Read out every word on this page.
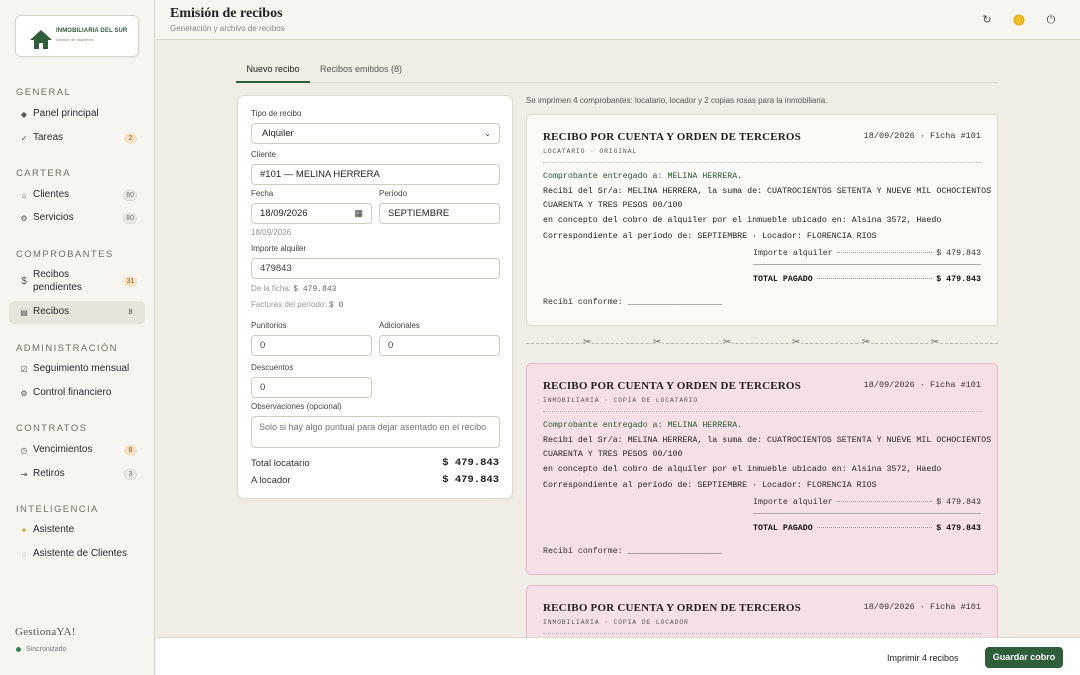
INMOBILIARIA DEL SUR
Gestión de alquileres
GENERAL
◆ Panel principal
✓ Tareas	2
CARTERA
⌂ Clientes	80
⚙ Servicios	80
COMPROBANTES
$
Recibos pendientes	31
▤ Recibos	8
ADMINISTRACIÓN
☑ Seguimiento mensual
⚙ Control financiero
CONTRATOS
◷ Vencimientos	8
⇥ Retiros	3
INTELIGENCIA
✦ Asistente
◌ Asistente de Clientes
GestionaYA!
Sincronizado
Emisión de recibos
Generación y archivo de recibos
↻	⏻
Nuevo recibo	Recibos emitidos (8)
Tipo de recibo
Alquiler	⌄
Cliente
#101 — MELINA HERRERA
Fecha
18/09/2026	▦
Período
SEPTIEMBRE
18/09/2026
Importe alquiler
479843
De la ficha: $ 479.843
Facturas del período: $ 0
Punitorios
0
Adicionales
0
Descuentos
0
Observaciones (opcional)
Solo si hay algo puntual para dejar asentado en el recibo
Total locatario	$ 479.843
A locador	$ 479.843
Se imprimen 4 comprobantes: locatario, locador y 2 copias rosas para la inmobiliaria.
RECIBO POR CUENTA Y ORDEN DE TERCEROS	18/09/2026 · Ficha #101
LOCATARIO · ORIGINAL
Comprobante entregado a: MELINA HERRERA.
Recibí del Sr/a: MELINA HERRERA, la suma de: CUATROCIENTOS SETENTA Y NUEVE MIL OCHOCIENTOS
CUARENTA Y TRES PESOS 00/100
en concepto del cobro de alquiler por el inmueble ubicado en: Alsina 3572, Haedo
Correspondiente al período de: SEPTIEMBRE · Locador: FLORENCIA RIOS
Importe alquiler	$ 479.843
TOTAL PAGADO	$ 479.843
Recibí conforme: ___________________
✂	✂	✂	✂	✂	✂
RECIBO POR CUENTA Y ORDEN DE TERCEROS	18/09/2026 · Ficha #101
INMOBILIARIA · COPIA DE LOCATARIO
Comprobante entregado a: MELINA HERRERA.
Recibí del Sr/a: MELINA HERRERA, la suma de: CUATROCIENTOS SETENTA Y NUEVE MIL OCHOCIENTOS
CUARENTA Y TRES PESOS 00/100
en concepto del cobro de alquiler por el inmueble ubicado en: Alsina 3572, Haedo
Correspondiente al período de: SEPTIEMBRE · Locador: FLORENCIA RIOS
Importe alquiler	$ 479.843
TOTAL PAGADO	$ 479.843
Recibí conforme: ___________________
RECIBO POR CUENTA Y ORDEN DE TERCEROS	18/09/2026 · Ficha #101
INMOBILIARIA · COPIA DE LOCADOR
Imprimir 4 recibos	Guardar cobro
